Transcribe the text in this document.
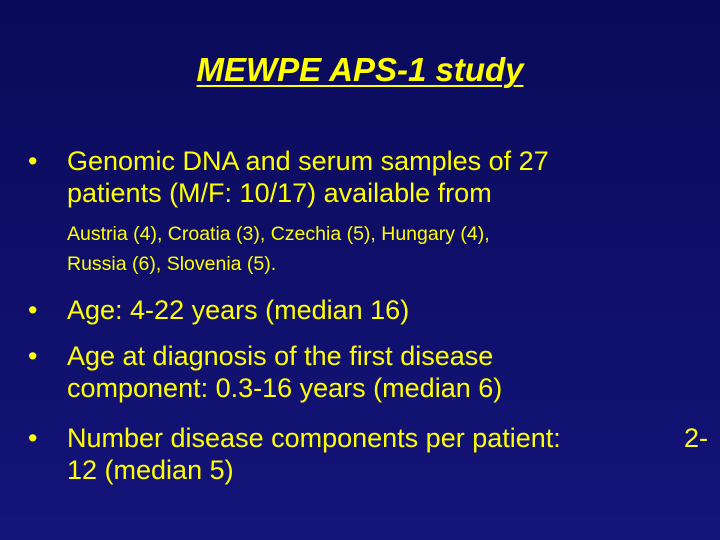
MEWPE APS-1 study
•	Genomic DNA and serum samples of 27
patients (M/F: 10/17) available from
Austria (4), Croatia (3), Czechia (5), Hungary (4),
Russia (6), Slovenia (5).
•	Age: 4-22 years (median 16)
•	Age at diagnosis of the first disease
component: 0.3-16 years (median 6)
•	Number disease components per patient:	2-
12 (median 5)
